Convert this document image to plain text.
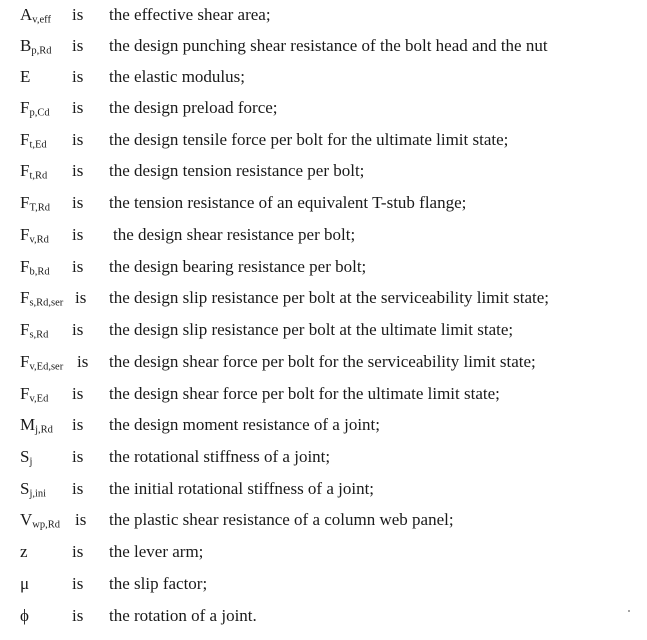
$A_{v,eff}$ is the effective shear area;
$B_{p,Rd}$ is the design punching shear resistance of the bolt head and the nut
E is the elastic modulus;
$F_{p,Cd}$ is the design preload force;
$F_{t,Ed}$ is the design tensile force per bolt for the ultimate limit state;
$F_{t,Rd}$ is the design tension resistance per bolt;
$F_{T,Rd}$ is the tension resistance of an equivalent T-stub flange;
$F_{v,Rd}$ is the design shear resistance per bolt;
$F_{b,Rd}$ is the design bearing resistance per bolt;
$F_{s,Rd,ser}$ is the design slip resistance per bolt at the serviceability limit state;
$F_{s,Rd}$ is the design slip resistance per bolt at the ultimate limit state;
$F_{v,Ed,ser}$ is the design shear force per bolt for the serviceability limit state;
$F_{v,Ed}$ is the design shear force per bolt for the ultimate limit state;
$M_{j,Rd}$ is the design moment resistance of a joint;
$S_j$ is the rotational stiffness of a joint;
$S_{j,ini}$ is the initial rotational stiffness of a joint;
$V_{wp,Rd}$ is the plastic shear resistance of a column web panel;
z	is the lever arm;
μ	is the slip factor;
ϕ	is the rotation of a joint.
